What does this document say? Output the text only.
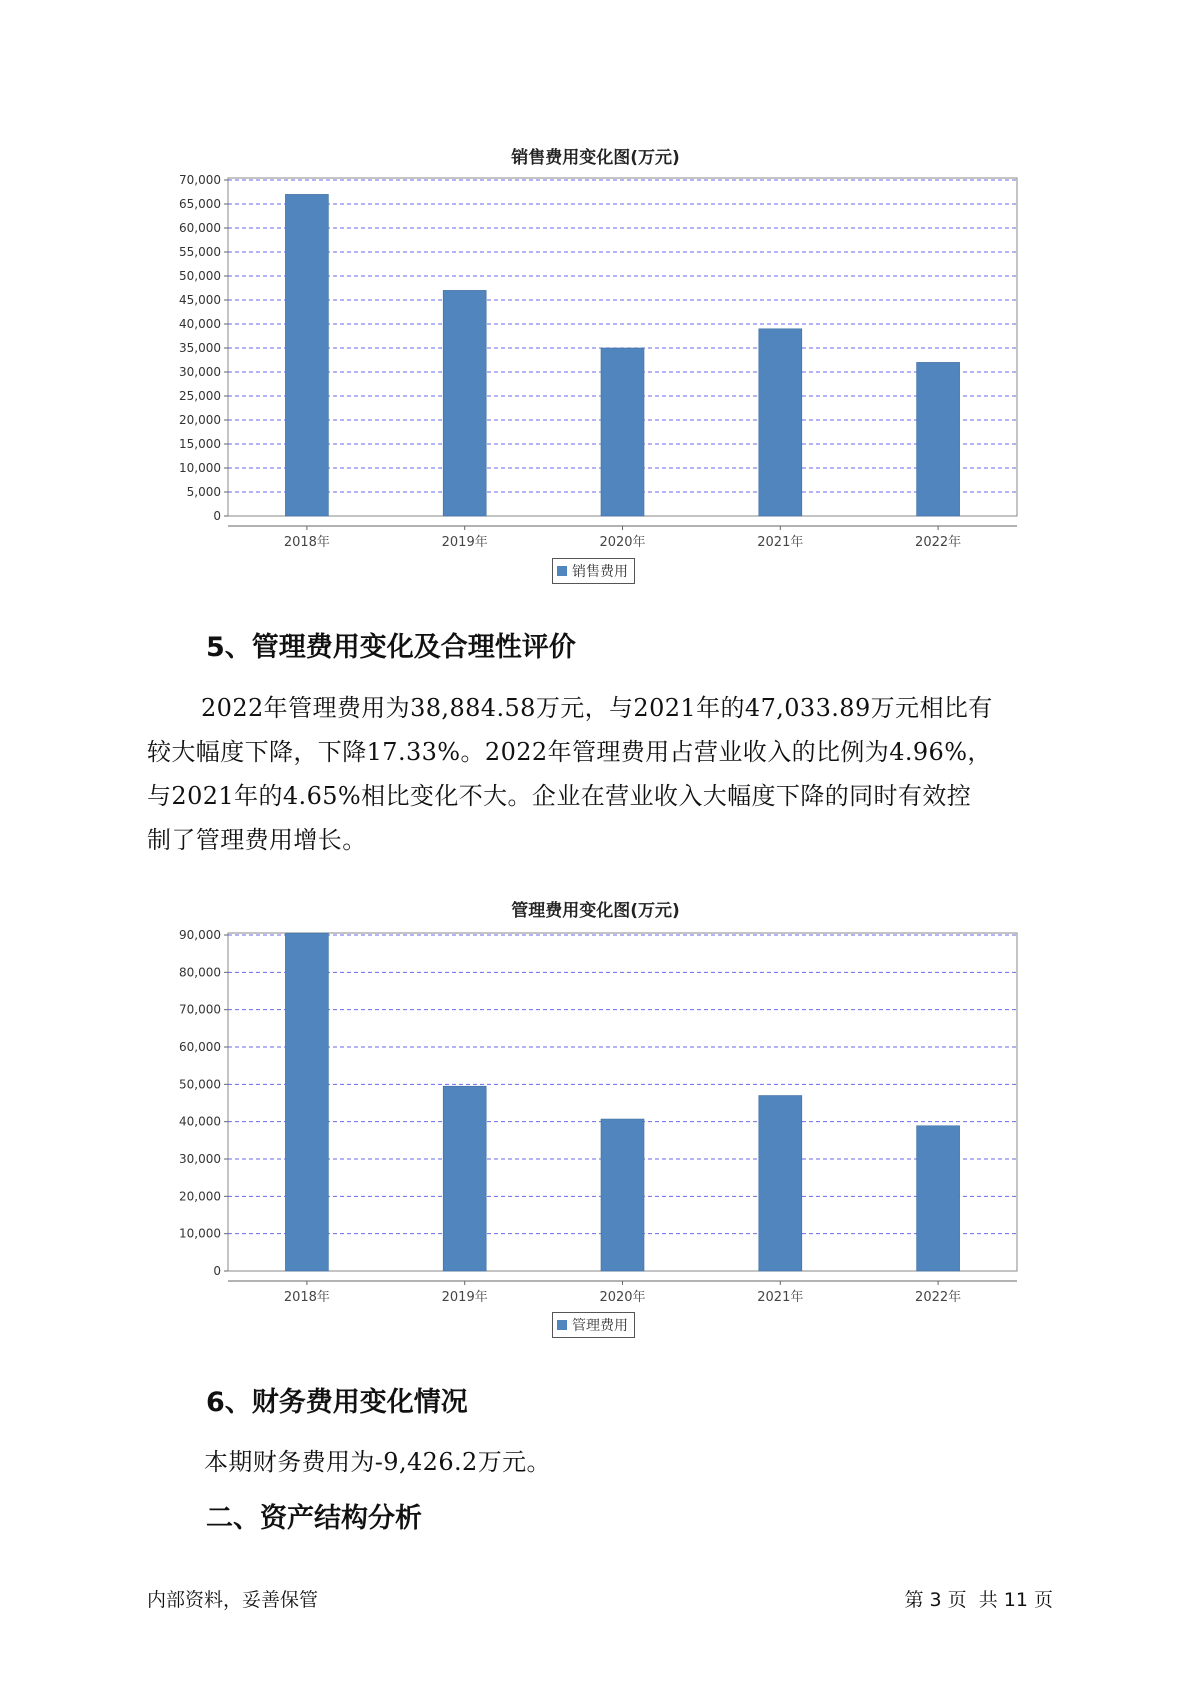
销售费用变化图(万元)
0
5,000
10,000
15,000
20,000
25,000
30,000
35,000
40,000
45,000
50,000
55,000
60,000
65,000
70,000
2018年	2019年	2020年	2021年	2022年
销售费用
5、管理费用变化及合理性评价

2022年管理费用为38,884.58万元，与2021年的47,033.89万元相比有

较大幅度下降，下降17.33%。2022年管理费用占营业收入的比例为4.96%，

与2021年的4.65%相比变化不大。企业在营业收入大幅度下降的同时有效控

制了管理费用增长。

管理费用变化图(万元)
0
10,000
20,000
30,000
40,000
50,000
60,000
70,000
80,000
90,000
2018年	2019年	2020年	2021年	2022年
管理费用
6、财务费用变化情况

本期财务费用为-9,426.2万元。

二、资产结构分析
内部资料，妥善保管	第 3 页  共 11 页
